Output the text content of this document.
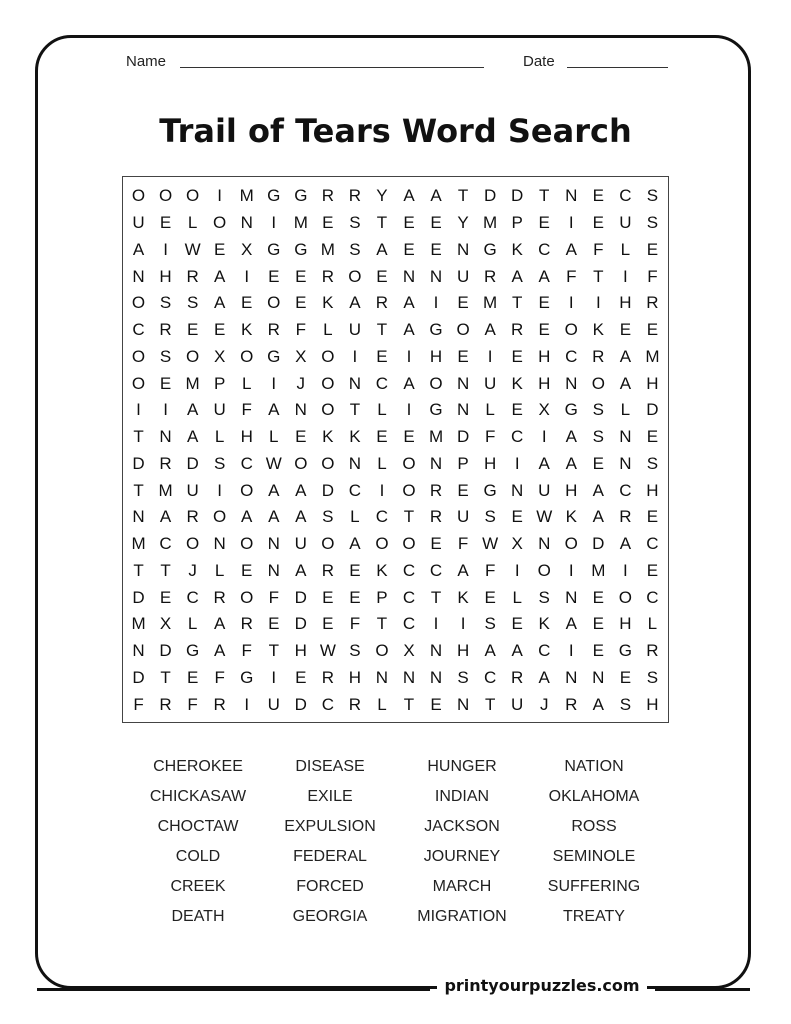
Name	Date
Trail of Tears Word Search
O O O	I	M G G R R Y A A T D D T N E C S
U E L O N	I	M E S T E E Y M P E	I	E U S
A	I W E X G G M S A E E N G K C A F	L E
N H R A	I	E E R O E N N U R A A F T	I	F
O S S A E O E K A R A	I	E M T E	I	I	H R
C R E E K R F	L U T A G O A R E O K E E
O S O X O G X O	I	E	I	H E	I	E H C R A M
O E M P L	I	J O N C A O N U K H N O A H
I	I	A U F A N O T	L	I	G N L E X G S L D
T N A L H L E K K E E M D F C	I	A S N E
D R D S C W O O N L O N P H	I	A A E N S
T M U	I	O A A D C	I	O R E G N U H A C H
N A R O A A A S L C T R U S E W K A R E
M C O N O N U O A O O E F W X N O D A C
T T	J	L E N A R E K C C A F	I	O	I	M	I	E
D E C R O F D E E P C T K E L S N E O C
M X L A R E D E F T C	I	I	S E K A E H L
N D G A F T H W S O X N H A A C	I	E G R
D T E F G	I	E R H N N N S C R A N N E S
F R F R	I	U D C R L	T E N T U J R A S H
CHEROKEE	DISEASE	HUNGER	NATION
CHICKASAW	EXILE	INDIAN	OKLAHOMA
CHOCTAW	EXPULSION	JACKSON	ROSS
COLD	FEDERAL	JOURNEY	SEMINOLE
CREEK	FORCED	MARCH	SUFFERING
DEATH	GEORGIA	MIGRATION	TREATY
printyourpuzzles.com
